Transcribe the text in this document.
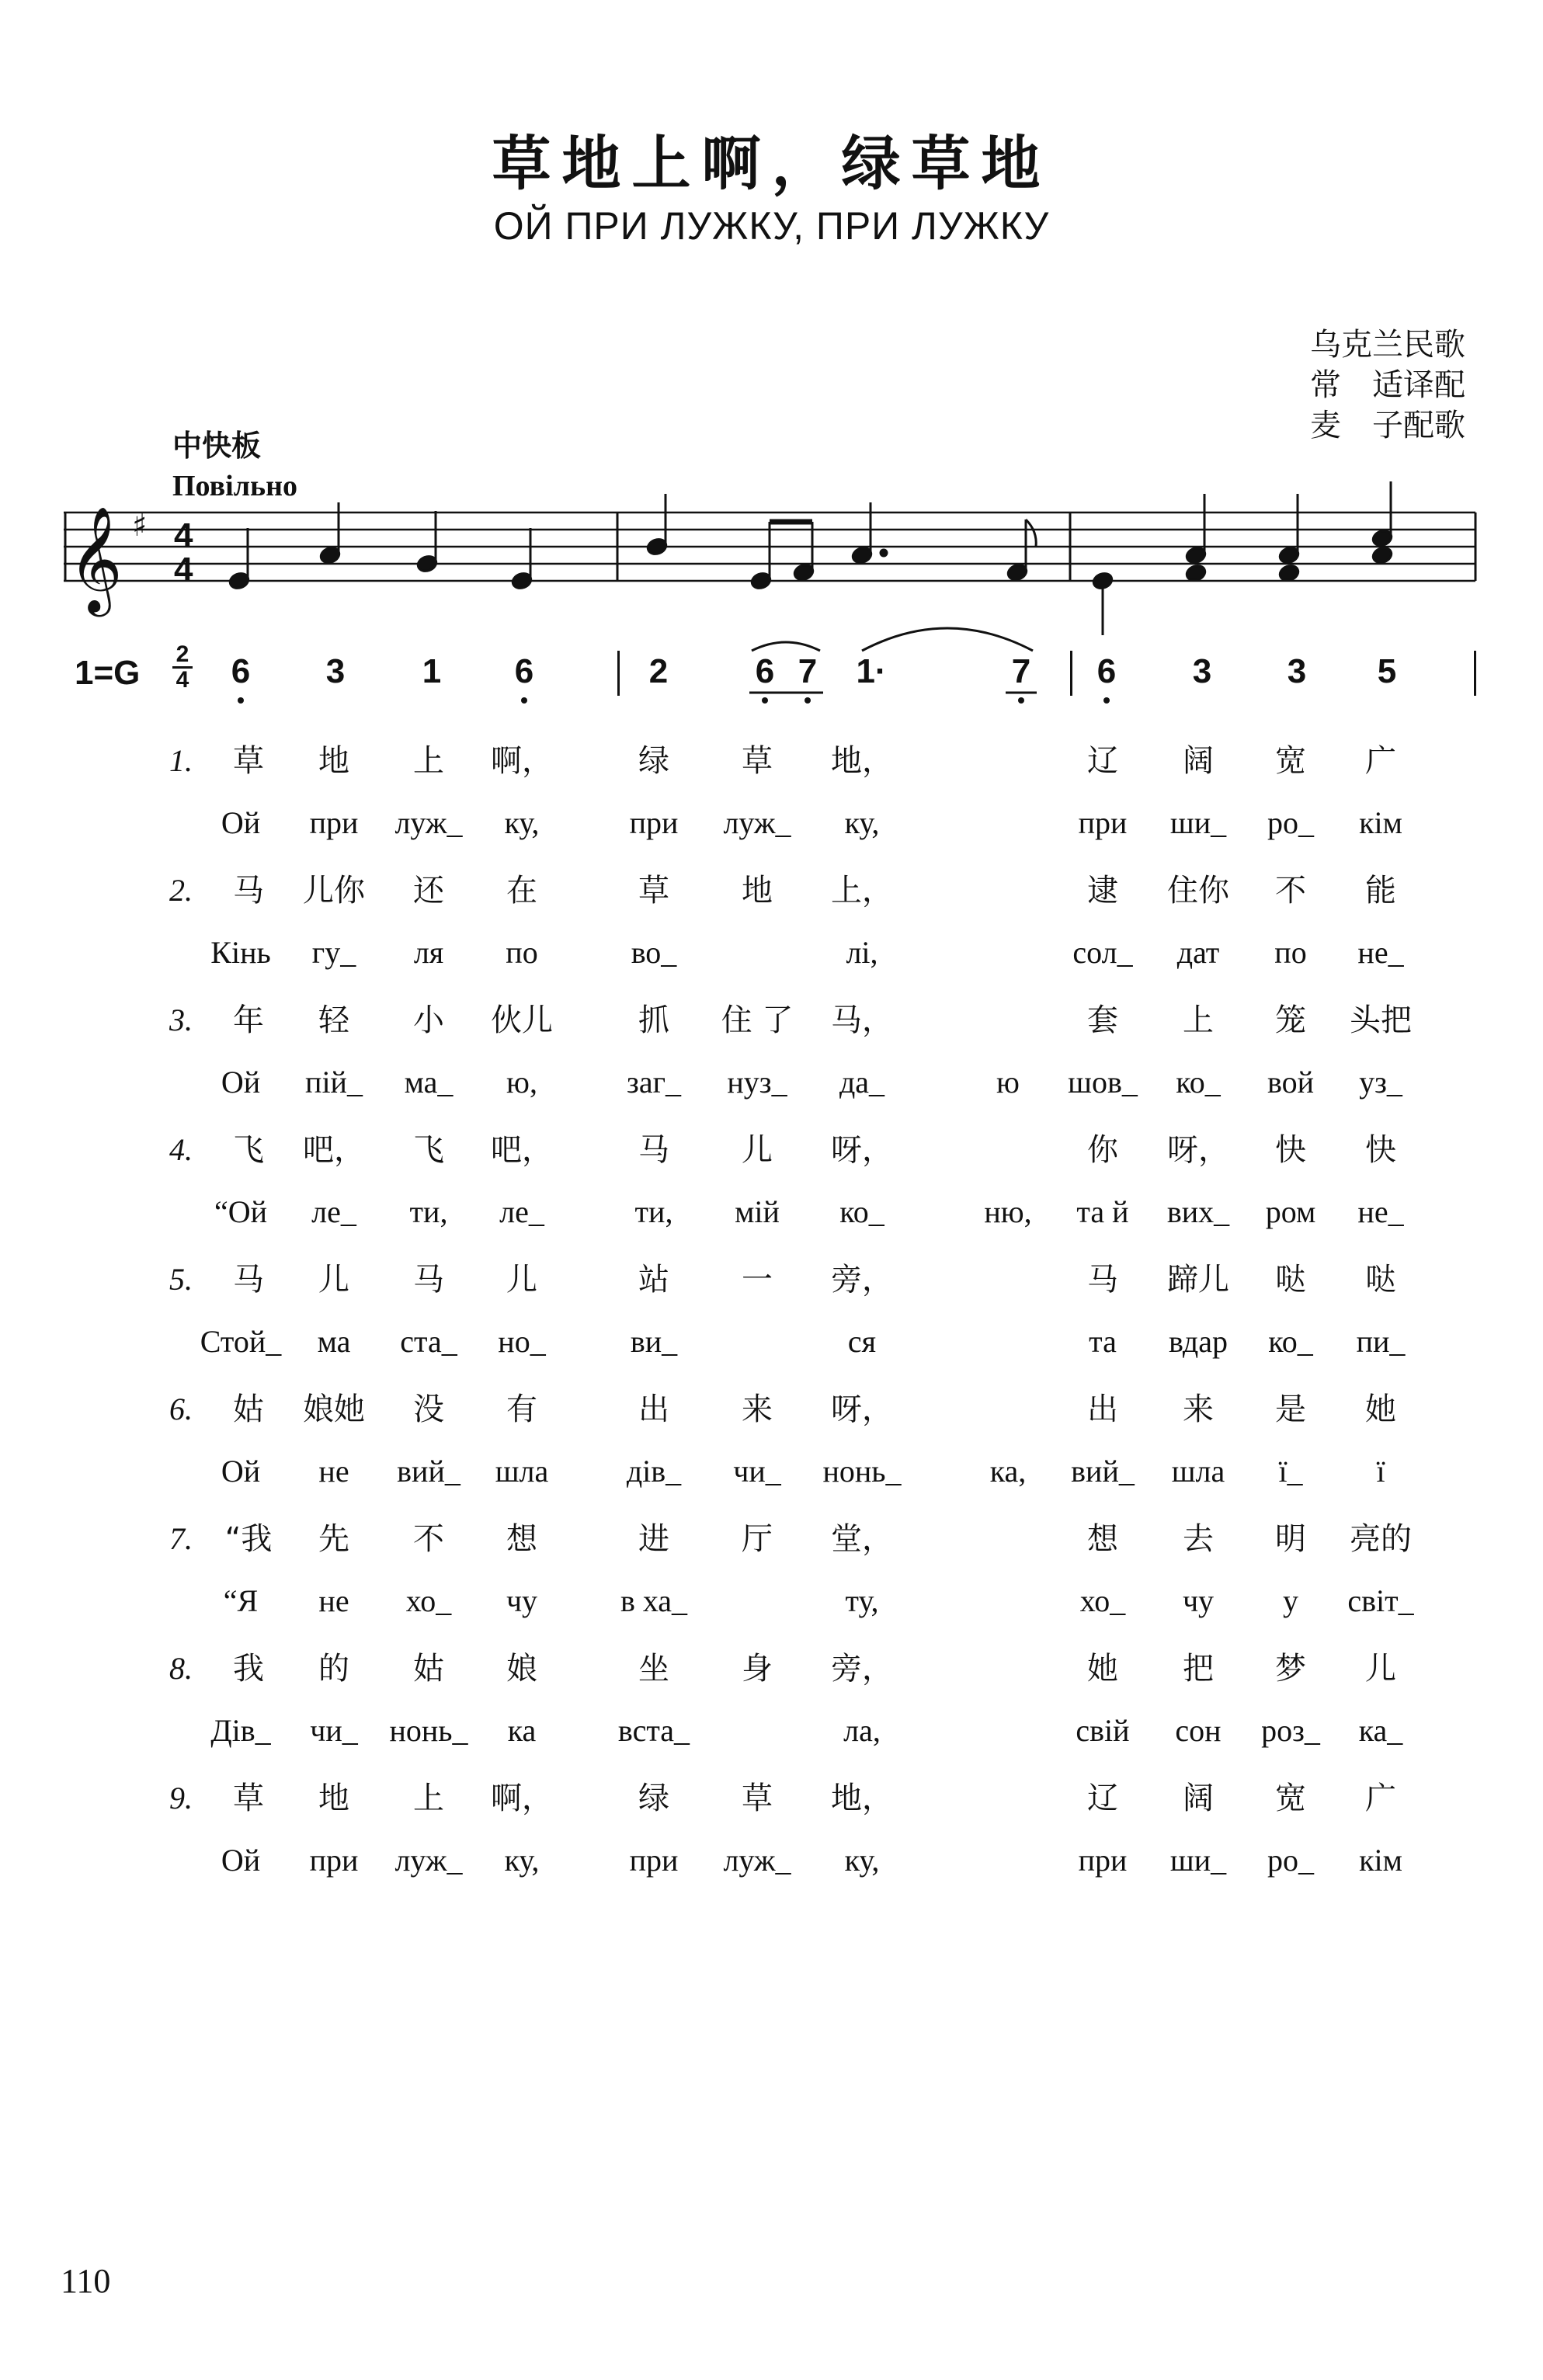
草地上啊，绿草地
ОЙ ПРИ ЛУЖКУ, ПРИ ЛУЖКУ
乌克兰民歌
常　适译配
麦　子配歌
中快板
Повільно
𝄞 ♯ 4
4
1=G 2
4	6	3	1	6	2	6 7	1·	7	6	3	3	5
1.	草 地 上 啊，	绿 草 地，	辽 阔 宽 广
Ой при луж_ ку,	при луж_ ку,	при ши_ ро_ кім
2.	马 儿你 还 在	草 地 上，	逮 住你 不 能
Кінь гу_ ля по	во_	лі,	сол_ дат по не_
3.	年 轻 小 伙儿	抓 住 了 马，	套 上 笼 头把
Ой пій_ ма_ ю,	заг_ нуз_ да_	ю шов_ ко_ вой уз_
4.	飞 吧， 飞 吧，	马 儿 呀，	你 呀， 快 快
“Ой ле_ ти, ле_	ти, мій ко_	ню, та й вих_ ром не_
5.	马 儿 马 儿	站 一 旁，	马 蹄儿 哒 哒
Стой_ ма ста_ но_	ви_	ся	та вдар ко_ пи_
6.	姑 娘她 没 有	出 来 呀，	出 来 是 她
Ой не вий_ шла	дів_ чи_ нонь_	ка, вий_ шла ї_ ї
7.	“我 先 不 想	进 厅 堂，	想 去 明 亮的
“Я не хо_ чу	в ха_	ту,	хо_ чу у світ_
8.	我 的 姑 娘	坐 身 旁，	她 把 梦 儿
Дів_ чи_ нонь_ ка	вста_	ла,	свій сон роз_ ка_
9.	草 地 上 啊，	绿 草 地，	辽 阔 宽 广
Ой при луж_ ку,	при луж_ ку,	при ши_ ро_ кім
110
